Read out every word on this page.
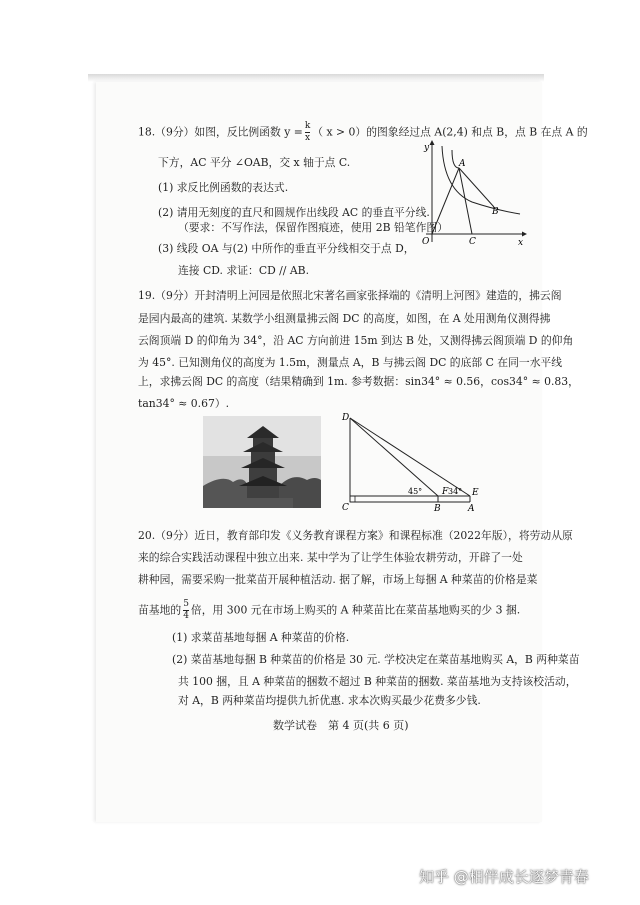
18.（9分）如图，反比例函数 $y = \frac{k}{x}$ （ x > 0）的图象经过点 A(2,4) 和点 B，点 B 在点 A 的
下方，AC 平分 ∠OAB，交 x 轴于点 C.
(1) 求反比例函数的表达式.
(2) 请用无刻度的直尺和圆规作出线段 AC 的垂直平分线.
（要求：不写作法，保留作图痕迹，使用 2B 铅笔作图）
(3) 线段 OA 与(2) 中所作的垂直平分线相交于点 D，
连接 CD. 求证：CD // AB.
y
x
O
A
B
C
19.（9分）开封清明上河园是依照北宋著名画家张择端的《清明上河图》建造的，拂云阁
是园内最高的建筑. 某数学小组测量拂云阁 DC 的高度，如图，在 A 处用测角仪测得拂
云阁顶端 D 的仰角为 34°，沿 AC 方向前进 15m 到达 B 处，又测得拂云阁顶端 D 的仰角
为 45°. 已知测角仪的高度为 1.5m，测量点 A，B 与拂云阁 DC 的底部 C 在同一水平线
上，求拂云阁 DC 的高度（结果精确到 1m. 参考数据：sin34° ≈ 0.56，cos34° ≈ 0.83，
tan34° ≈ 0.67）.
D
C	B	A
E
F
45°	34°
20.（9分）近日，教育部印发《义务教育课程方案》和课程标准（2022年版），将劳动从原
来的综合实践活动课程中独立出来. 某中学为了让学生体验农耕劳动，开辟了一处
耕种园，需要采购一批菜苗开展种植活动. 据了解，市场上每捆 A 种菜苗的价格是菜
苗基地的 $\frac{5}{4}$ 倍，用 300 元在市场上购买的 A 种菜苗比在菜苗基地购买的少 3 捆.
(1) 求菜苗基地每捆 A 种菜苗的价格.
(2) 菜苗基地每捆 B 种菜苗的价格是 30 元. 学校决定在菜苗基地购买 A，B 两种菜苗
共 100 捆，且 A 种菜苗的捆数不超过 B 种菜苗的捆数. 菜苗基地为支持该校活动，
对 A，B 两种菜苗均提供九折优惠. 求本次购买最少花费多少钱.
数学试卷　第 4 页(共 6 页)
知乎 @相伴成长逐梦青春
